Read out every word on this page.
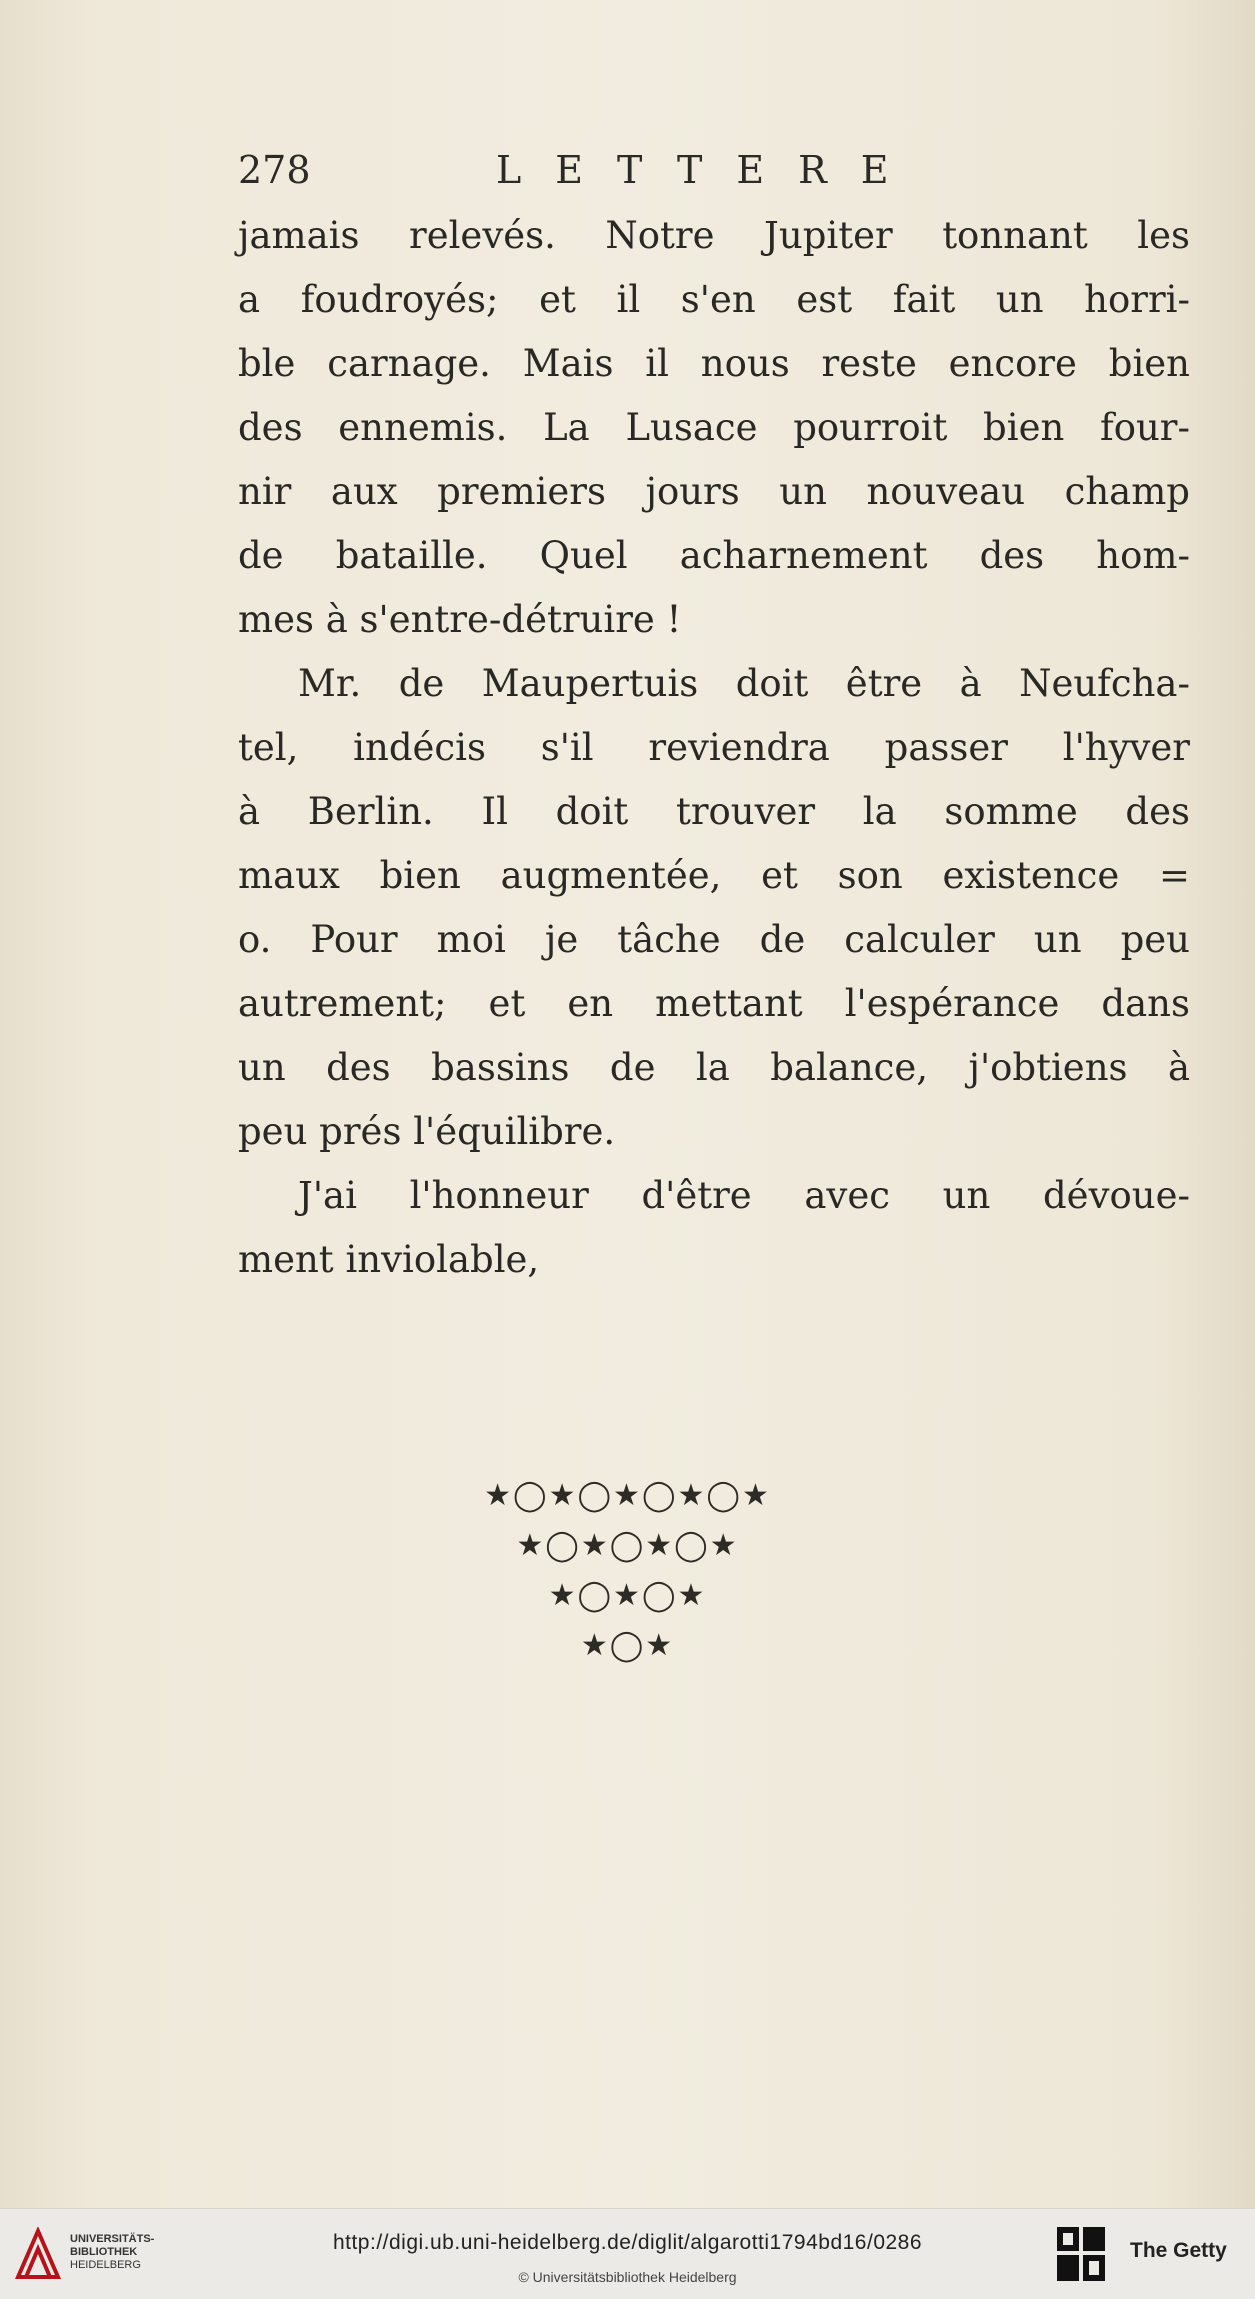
278	LETTERE
jamais relevés. Notre Jupiter tonnant les
a foudroyés; et il s'en est fait un horri-
ble carnage. Mais il nous reste encore bien
des ennemis. La Lusace pourroit bien four-
nir aux premiers jours un nouveau champ
de bataille. Quel acharnement des hom-
mes à s'entre-détruire !
Mr. de Maupertuis doit être à Neufcha-
tel, indécis s'il reviendra passer l'hyver
à Berlin. Il doit trouver la somme des
maux bien augmentée, et son existence =
o. Pour moi je tâche de calculer un peu
autrement; et en mettant l'espérance dans
un des bassins de la balance, j'obtiens à
peu prés l'équilibre.
J'ai l'honneur d'être avec un dévoue-
ment inviolable,
★◯★◯★◯★◯★
★◯★◯★◯★
★◯★◯★
★◯★
UNIVERSITÄTS-
BIBLIOTHEK
HEIDELBERG
http://digi.ub.uni-heidelberg.de/diglit/algarotti1794bd16/0286
© Universitätsbibliothek Heidelberg
The Getty
